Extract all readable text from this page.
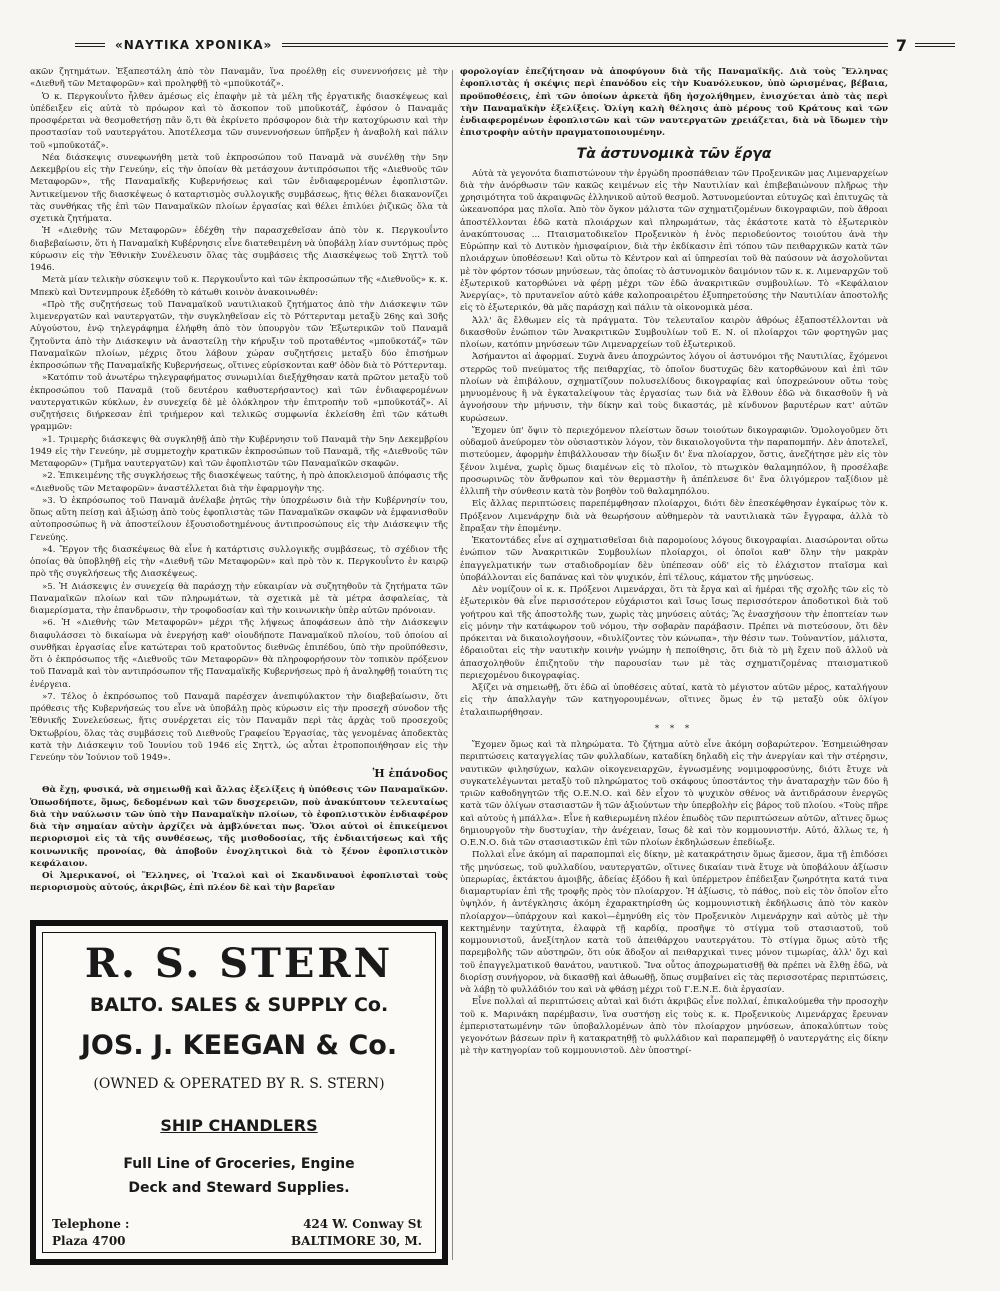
«ΝΑΥΤΙΚΑ ΧΡΟΝΙΚΑ»	7

ακῶν ζητημάτων. Ἐξαπεστάλη ἀπὸ τὸν Παναμᾶν, ἵνα προέλθῃ εἰς συνεννοήσεις μὲ τὴν «Διεθνῆ τῶν Μεταφορῶν» καὶ προληφθῇ τὸ «μποϋκοτάζ».

Ὁ κ. Περγκουΐντο ἦλθεν ἀμέσως εἰς ἐπαφὴν μὲ τὰ μέλη τῆς ἐργατικῆς διασκέψεως καὶ ὑπέδειξεν εἰς αὐτὰ τὸ πρόωρον καὶ τὸ ἄσκοπον τοῦ μποϋκοτάζ, ἐφόσον ὁ Παναμᾶς προσφέρεται νὰ θεσμοθετήσῃ πᾶν ὅ,τι θὰ ἐκρίνετο πρόσφορον διὰ τὴν κατοχύρωσιν καὶ τὴν προστασίαν τοῦ ναυτεργάτου. Ἀποτέλεσμα τῶν συνεννοήσεων ὑπῆρξεν ἡ ἀναβολὴ καὶ πάλιν τοῦ «μποϋκοτάζ».

Νέα διάσκεψις συνεφωνήθη μετὰ τοῦ ἐκπροσώπου τοῦ Παναμᾶ νὰ συνέλθῃ τὴν 5ην Δεκεμβρίου εἰς τὴν Γενεύην, εἰς τὴν ὁποίαν θὰ μετάσχουν ἀντιπρόσωποι τῆς «Διεθνοῦς τῶν Μεταφορῶν», τῆς Παναμαϊκῆς Κυβερνήσεως καὶ τῶν ἐνδιαφερομένων ἐφοπλιστῶν. Ἀντικείμενον τῆς διασκέψεως ὁ καταρτισμὸς συλλογικῆς συμβάσεως, ἥτις θέλει διακανονίζει τὰς συνθήκας τῆς ἐπὶ τῶν Παναμαϊκῶν πλοίων ἐργασίας καὶ θέλει ἐπιλύει ῥιζικῶς ὅλα τὰ σχετικὰ ζητήματα.

Ἡ «Διεθνὴς τῶν Μεταφορῶν» ἐδέχθη τὴν παρασχεθεῖσαν ἀπὸ τὸν κ. Περγκουΐντο διαβεβαίωσιν, ὅτι ἡ Παναμαϊκὴ Κυβέρνησις εἶνε διατεθειμένη νὰ ὑποβάλῃ λίαν συντόμως πρὸς κύρωσιν εἰς τὴν Ἐθνικὴν Συνέλευσιν ὅλας τὰς συμβάσεις τῆς Διασκέψεως τοῦ Σηττλ τοῦ 1946.

Μετὰ μίαν τελικὴν σύσκεψιν τοῦ κ. Περγκουΐντο καὶ τῶν ἐκπροσώπων τῆς «Διεθνοῦς» κ. κ. Μπεκὺ καὶ Ὀντενμπρουκ ἐξεδόθη τὸ κάτωθι κοινὸν ἀνακοινωθέν:

«Πρὸ τῆς συζητήσεως τοῦ Παναμαϊκοῦ ναυτιλιακοῦ ζητήματος ἀπὸ τὴν Διάσκεψιν τῶν λιμενεργατῶν καὶ ναυτεργατῶν, τὴν συγκληθεῖσαν εἰς τὸ Ρόττερνταμ μεταξὺ 26ης καὶ 30ῆς Αὐγούστου, ἐνῷ τηλεγράφημα ἐλήφθη ἀπὸ τὸν ὑπουργὸν τῶν Ἐξωτερικῶν τοῦ Παναμᾶ ζητοῦντα ἀπὸ τὴν Διάσκεψιν νὰ ἀναστείλῃ τὴν κήρυξιν τοῦ προταθέντος «μποϋκοτάζ» τῶν Παναμαϊκῶν πλοίων, μέχρις ὅτου λάβουν χώραν συζητήσεις μεταξὺ δύο ἐπισήμων ἐκπροσώπων τῆς Παναμαϊκῆς Κυβερνήσεως, οἵτινες εὑρίσκονται καθ' ὁδὸν διὰ τὸ Ρόττερνταμ.

»Κατόπιν τοῦ ἀνωτέρω τηλεγραφήματος συνωμιλίαι διεξήχθησαν κατὰ πρῶτον μεταξὺ τοῦ ἐκπροσώπου τοῦ Παναμᾶ (τοῦ δευτέρου καθυστερήσαντος) καὶ τῶν ἐνδιαφερομένων ναυτεργατικῶν κύκλων, ἐν συνεχείᾳ δὲ μὲ ὁλόκληρον τὴν ἐπιτροπὴν τοῦ «μποϋκοτάζ». Αἱ συζητήσεις διήρκεσαν ἐπὶ τριήμερον καὶ τελικῶς συμφωνία ἐκλείσθη ἐπὶ τῶν κάτωθι γραμμῶν:

»1. Τριμερὴς διάσκεψις θὰ συγκληθῇ ἀπὸ τὴν Κυβέρνησιν τοῦ Παναμᾶ τὴν 5ην Δεκεμβρίου 1949 εἰς τὴν Γενεύην, μὲ συμμετοχὴν κρατικῶν ἐκπροσώπων τοῦ Παναμᾶ, τῆς «Διεθνοῦς τῶν Μεταφορῶν» (Τμῆμα ναυτεργατῶν) καὶ τῶν ἐφοπλιστῶν τῶν Παναμαϊκῶν σκαφῶν.

»2. Ἐπικειμένης τῆς συγκλήσεως τῆς διασκέψεως ταύτης, ἡ πρὸ ἀποκλεισμοῦ ἀπόφασις τῆς «Διεθνοῦς τῶν Μεταφορῶν» ἀναστέλλεται διὰ τὴν ἐφαρμογὴν της.

»3. Ὁ ἐκπρόσωπος τοῦ Παναμᾶ ἀνέλαβε ῥητῶς τὴν ὑποχρέωσιν διὰ τὴν Κυβέρνησίν του, ὅπως αὕτη πείσῃ καὶ ἀξιώσῃ ἀπὸ τοὺς ἐφοπλιστὰς τῶν Παναμαϊκῶν σκαφῶν νὰ ἐμφανισθοῦν αὐτοπροσώπως ἢ νὰ ἀποστείλουν ἐξουσιοδοτημένους ἀντιπροσώπους εἰς τὴν Διάσκεψιν τῆς Γενεύης.

»4. Ἔργον τῆς διασκέψεως θὰ εἶνε ἡ κατάρτισις συλλογικῆς συμβάσεως, τὸ σχέδιον τῆς ὁποίας θὰ ὑποβληθῇ εἰς τὴν «Διεθνῆ τῶν Μεταφορῶν» καὶ πρὸ τὸν κ. Περγκουΐντο ἐν καιρῷ πρὸ τῆς συγκλήσεως τῆς Διασκέψεως.

»5. Ἡ Διάσκεψις ἐν συνεχείᾳ θὰ παράσχῃ τὴν εὐκαιρίαν νὰ συζητηθοῦν τὰ ζητήματα τῶν Παναμαϊκῶν πλοίων καὶ τῶν πληρωμάτων, τὰ σχετικὰ μὲ τὰ μέτρα ἀσφαλείας, τὰ διαμερίσματα, τὴν ἐπανδρωσιν, τὴν τροφοδοσίαν καὶ τὴν κοινωνικὴν ὑπὲρ αὐτῶν πρόνοιαν.

»6. Ἡ «Διεθνὴς τῶν Μεταφορῶν» μέχρι τῆς λήψεως ἀποφάσεων ἀπὸ τὴν Διάσκεψιν διαφυλάσσει τὸ δικαίωμα νὰ ἐνεργήσῃ καθ' οἱουδήποτε Παναμαϊκοῦ πλοίου, τοῦ ὁποίου αἱ συνθῆκαι ἐργασίας εἶνε κατώτεραι τοῦ κρατοῦντος διεθνῶς ἐπιπέδου, ὑπὸ τὴν προϋπόθεσιν, ὅτι ὁ ἐκπρόσωπος τῆς «Διεθνοῦς τῶν Μεταφορῶν» θὰ πληροφορήσουν τὸν τοπικὸν πρόξενον τοῦ Παναμᾶ καὶ τὸν αντιπρόσωπον τῆς Παναμαϊκῆς Κυβερνήσεως πρὸ ἡ ἀναληφθῇ τοιαύτη τις ἐνέργεια.

»7. Τέλος ὁ ἐκπρόσωπος τοῦ Παναμᾶ παρέσχεν ἀνεπιφύλακτον τὴν διαβεβαίωσιν, ὅτι πρόθεσις τῆς Κυβερνήσεώς του εἶνε νὰ ὑποβάλῃ πρὸς κύρωσιν εἰς τὴν προσεχῆ σύνοδον τῆς Ἐθνικῆς Συνελεύσεως, ἥτις συνέρχεται εἰς τὸν Παναμᾶν περὶ τὰς ἀρχὰς τοῦ προσεχοῦς Ὀκτωβρίου, ὅλας τὰς συμβάσεις τοῦ Διεθνοῦς Γραφείου Ἐργασίας, τὰς γενομένας ἀποδεκτὰς κατὰ τὴν Διάσκεψιν τοῦ Ἰουνίου τοῦ 1946 εἰς Σηττλ, ὡς αὗται ἐτροποποιήθησαν εἰς τὴν Γενεύην τὸν Ἰούνιον τοῦ 1949».

Ἡ ἐπάνοδος

Θὰ ἔχῃ, φυσικά, νὰ σημειωθῇ καὶ ἄλλας ἐξελίξεις ἡ ὑπόθεσις τῶν Παναμαϊκῶν. Ὁπωσδήποτε, ὅμως, δεδομένων καὶ τῶν δυσχερειῶν, ποὺ ἀνακύπτουν τελευταίως διὰ τὴν ναύλωσιν τῶν ὑπὸ τὴν Παναμαϊκὴν πλοίων, τὸ ἐφοπλιστικὸν ἐνδιαφέρον διὰ τὴν σημαίαν αὐτὴν ἀρχίζει νὰ ἀμβλύνεται πως. Ὅλοι αὐτοὶ οἱ ἐπικείμενοι περιορισμοὶ εἰς τὰ τῆς συνθέσεως, τῆς μισθοδοσίας, τῆς ἐνδιαιτήσεως καὶ τῆς κοινωνικῆς προνοίας, θὰ ἀποβοῦν ἐνοχλητικοὶ διὰ τὸ ξένον ἐφοπλιστικὸν κεφάλαιον.

Οἱ Ἀμερικανοί, οἱ Ἕλληνες, οἱ Ἰταλοὶ καὶ οἱ Σκανδιναυοὶ ἐφοπλισταὶ τοὺς περιορισμοὺς αὐτούς, ἀκριβῶς, ἐπὶ πλέον δὲ καὶ τὴν βαρεῖαν

R. S. STERN
BALTO. SALES & SUPPLY Co.
JOS. J. KEEGAN & Co.
(OWNED & OPERATED BY R. S. STERN)
SHIP CHANDLERS
Full Line of Groceries, Engine
Deck and Steward Supplies.
Telephone :
Plaza 4700
424 W. Conway St
BALTIMORE 30, M.

φορολογίαν ἐπεζήτησαν νὰ ἀποφύγουν διὰ τῆς Παναμαϊκῆς. Διὰ τοὺς Ἕλληνας ἐφοπλιστὰς ἡ σκέψις περὶ ἐπανόδου εἰς τὴν Κυανόλευκον, ὑπὸ ὡρισμένας, βέβαια, προϋποθέσεις, ἐπὶ τῶν ὁποίων ἀρκετὰ ἤδη ἠσχολήθημεν, ἐνισχύεται ἀπὸ τὰς περὶ τὴν Παναμαϊκὴν ἐξελίξεις. Ὀλίγη καλὴ θέλησις ἀπὸ μέρους τοῦ Κράτους καὶ τῶν ἐνδιαφερομένων ἐφοπλιστῶν καὶ τῶν ναυτεργατῶν χρειάζεται, διὰ νὰ ἴδωμεν τὴν ἐπιστροφὴν αὐτὴν πραγματοποιουμένην.

Τὰ ἀστυνομικὰ τῶν ἔργα

Αὐτὰ τὰ γεγονότα διαπιστώνουν τὴν ἐργώδη προσπάθειαν τῶν Προξενικῶν μας Λιμεναρχείων διὰ τὴν ἀνόρθωσιν τῶν κακῶς κειμένων εἰς τὴν Ναυτιλίαν καὶ ἐπιβεβαιώνουν πλῆρως τὴν χρησιμότητα τοῦ ἀκραιφνῶς ἑλληνικοῦ αὐτοῦ θεσμοῦ. Ἀστυνομεύονται εὐτυχῶς καὶ ἐπιτυχῶς τὰ ὠκεανοπόρα μας πλοῖα. Ἀπὸ τὸν ὄγκον μάλιστα τῶν σχηματιζομένων δικογραφιῶν, ποὺ ἄθροαι ἀποστέλλονται ἐδῶ κατὰ πλοιάρχων καὶ πληρωμάτων, τὰς ἑκάστοτε κατὰ τὸ ἐξωτερικὸν ἀνακύπτουσας ... Πταισματοδικεῖον Προξενικὸν ἡ ἑνὸς περιοδεύοντος τοιούτου ἀνὰ τὴν Εὐρώπην καὶ τὸ Δυτικὸν ἡμισφαίριον, διὰ τὴν ἐκδίκασιν ἐπὶ τόπου τῶν πειθαρχικῶν κατὰ τῶν πλοιάρχων ὑποθέσεων! Καὶ οὕτω τὸ Κέντρον καὶ αἱ ὑπηρεσίαι τοῦ θὰ παύσουν νὰ ἀσχολοῦνται μὲ τὸν φόρτον τόσων μηνύσεων, τὰς ὁποίας τὸ ἀστυνομικὸν δαιμόνιον τῶν κ. κ. Λιμεναρχῶν τοῦ ἐξωτερικοῦ κατορθώνει νὰ φέρῃ μέχρι τῶν ἐδῶ ἀνακριτικῶν συμβουλίων. Τὸ «Κεφάλαιον Ἀνεργίας», τὸ πρυτανεῖον αὐτὸ κάθε καλοπροαιρέτου ἐξυπηρετούσης τὴν Ναυτιλίαν ἀποστολῆς εἰς τὸ ἐξωτερικόν, θὰ μᾶς παράσχῃ καὶ πάλιν τὰ οἰκονομικὰ μέσα.

Ἀλλ' ἂς ἔλθωμεν εἰς τὰ πράγματα. Τὸν τελευταῖον καιρὸν ἀθρόως ἐξαποστέλλονται νὰ δικασθοῦν ἐνώπιον τῶν Ἀνακριτικῶν Συμβουλίων τοῦ Ε. Ν. οἱ πλοίαρχοι τῶν φορτηγῶν μας πλοίων, κατόπιν μηνύσεων τῶν Λιμεναρχείων τοῦ ἐξωτερικοῦ.

Ἀσήμαντοι αἱ ἀφορμαί. Συχνὰ ἄνευ ἀποχρώντος λόγου οἱ ἀστυνόμοι τῆς Ναυτιλίας, ἔχόμενοι στερρῶς τοῦ πνεύματος τῆς πειθαρχίας, τὸ ὁποῖον δυστυχῶς δὲν κατορθώνουν καὶ ἐπὶ τῶν πλοίων νὰ ἐπιβάλουν, σχηματίζουν πολυσελίδους δικογραφίας καὶ ὑποχρεώνουν οὕτω τοὺς μηνυομένους ἢ νὰ ἐγκαταλείψουν τὰς ἐργασίας των διὰ νὰ ἔλθουν ἐδῶ νὰ δικασθοῦν ἢ νὰ ἀγνοήσουν τὴν μήνυσιν, τὴν δίκην καὶ τοὺς δικαστάς, μὲ κίνδυνον βαρυτέρων κατ' αὐτῶν κυρώσεων.

Ἔχομεν ὑπ' ὄψιν τὸ περιεχόμενον πλείστων ὅσων τοιούτων δικογραφιῶν. Ὁμολογοῦμεν ὅτι οὐδαμοῦ ἀνεύρομεν τὸν οὐσιαστικὸν λόγον, τὸν δικαιολογοῦντα τὴν παραπομπήν. Δὲν ἀποτελεῖ, πιστεύομεν, ἀφορμὴν ἐπιβάλλουσαν τὴν δίωξιν δι' ἕνα πλοίαρχον, ὅστις, ἀνεζήτησε μὲν εἰς τὸν ξένον λιμένα, χωρὶς ὅμως διαμένων εἰς τὸ πλοῖον, τὸ πτωχικὸν θαλαμηπόλον, ἢ προσέλαβε προσωρινῶς τὸν ἄνθρωπον καὶ τὸν θερμαστὴν ἢ ἀπέπλευσε δι' ἕνα ὀλιγόμερον ταξίδιον μὲ ἐλλιπῆ τὴν σύνθεσιν κατὰ τὸν βοηθὸν τοῦ θαλαμηπόλου.

Εἰς ἄλλας περιπτώσεις παρεπέμφθησαν πλοίαρχοι, διότι δὲν ἐπεσκέφθησαν ἐγκαίρως τὸν κ. Πρόξενον Λιμενάρχην διὰ νὰ θεωρήσουν αὐθημερὸν τὰ ναυτιλιακὰ τῶν ἔγγραφα, ἀλλὰ τὸ ἔπραξαν τὴν ἐπομένην.

Ἑκατοντάδες εἶνε αἱ σχηματισθεῖσαι διὰ παρομοίους λόγους δικογραφίαι. Διασώρονται οὕτω ἐνώπιον τῶν Ἀνακριτικῶν Συμβουλίων πλοίαρχοι, οἱ ὁποῖοι καθ' ὅλην τὴν μακρὰν ἐπαγγελματικήν των σταδιοδρομίαν δὲν ὑπέπεσαν οὐδ' εἰς τὸ ἐλάχιστον πταῖσμα καὶ ὑποβάλλονται εἰς δαπάνας καὶ τὸν ψυχικόν, ἐπὶ τέλους, κάματον τῆς μηνύσεως.

Δὲν νομίζουν οἱ κ. κ. Πρόξενοι Λιμενάρχαι, ὅτι τὰ ἔργα καὶ αἱ ἡμέραι τῆς σχολῆς τῶν εἰς τὸ ἐξωτερικὸν θὰ εἶνε περισσότερον εὐχάριστοι καὶ ἴσως ἴσως περισσότερον ἀποδοτικοὶ διὰ τοῦ γοήτρου καὶ τῆς ἀποστολῆς των, χωρὶς τὰς μηνύσεις αὐτάς; Ἂς ἐνασχήσουν τὴν ἐποπτείαν των εἰς μόνην τὴν κατάφωρον τοῦ νόμου, τὴν σοβαρὰν παράβασιν. Πρέπει νὰ πιστεύσουν, ὅτι δὲν πρόκειται νὰ δικαιολογήσουν, «διυλίζοντες τὸν κώνωπα», τὴν θέσιν των. Τοὐναντίον, μάλιστα, ἐδραιοῦται εἰς τὴν ναυτικὴν κοινὴν γνώμην ἡ πεποίθησις, ὅτι διὰ τὸ μὴ ἔχειν ποῦ ἀλλοῦ νὰ ἀπασχοληθοῦν ἐπιζητοῦν τὴν παρουσίαν των μὲ τὰς σχηματιζομένας πταισματικοῦ περιεχομένου δικογραφίας.

Ἀξίζει νὰ σημειωθῇ, ὅτι ἐδῶ αἱ ὑποθέσεις αὐταί, κατὰ τὸ μέγιστον αὐτῶν μέρος, καταλήγουν εἰς τὴν ἀπαλλαγὴν τῶν κατηγορουμένων, οἵτινες ὅμως ἐν τῷ μεταξὺ οὐκ ὀλίγον ἐταλαιπωρήθησαν.

* * *

Ἔχομεν ὅμως καὶ τὰ πληρώματα. Τὸ ζήτημα αὐτὸ εἶνε ἀκόμη σοβαρώτερον. Ἐσημειώθησαν περιπτώσεις καταγγελίας τῶν φυλλαδίων, καταδίκη δηλαδὴ εἰς τὴν ἀνεργίαν καὶ τὴν στέρησιν, ναυτικῶν φιλησύχων, καλῶν οἰκογενειαρχῶν, ἐγνωσμένης νομιμοφροσύνης, διότι ἔτυχε νὰ συγκατελέγωνται μεταξὺ τοῦ πληρώματος τοῦ σκάφους ὑποστάντος τὴν ἀναταραχὴν τῶν δύο ἢ τριῶν καθοδηγητῶν τῆς Ο.Ε.Ν.Ο. καὶ δὲν εἶχον τὸ ψυχικὸν σθένος νὰ ἀντιδράσουν ἐνεργῶς κατὰ τῶν ὀλίγων στασιαστῶν ἢ τῶν ἀξιούντων τὴν ὑπερβολὴν εἰς βάρος τοῦ πλοίου. «Τοὺς πῆρε καὶ αὐτοὺς ἡ μπάλλα». Εἶνε ἡ καθιερωμένη πλέον ἐπωδὸς τῶν περιπτώσεων αὐτῶν, αἵτινες ὅμως δημιουργοῦν τὴν δυστυχίαν, τὴν ἀνέχειαν, ἴσως δὲ καὶ τὸν κομμουνιστήν. Αὐτό, ἄλλως τε, ἡ Ο.Ε.Ν.Ο. διὰ τῶν στασιαστικῶν ἐπὶ τῶν πλοίων ἐκδηλώσεων ἐπεδίωξε.

Πολλαὶ εἶνε ἀκόμη αἱ παραπομπαὶ εἰς δίκην, μὲ κατακράτησιν ὅμως ἄμεσον, ἅμα τῇ ἐπιδόσει τῆς μηνύσεως, τοῦ φυλλαδίου, ναυτεργατῶν, οἵτινες δικαίαν τινὰ ἔτυχε νὰ ὑποβάλουν ἀξίωσιν ὑπερωρίας, ἐκτάκτου ἀμοιβῆς, ἀδείας ἐξόδου ἢ καὶ ὑπέρμετρον ἐπέδειξαν ζωηρότητα κατά τινα διαμαρτυρίαν ἐπὶ τῆς τροφῆς πρὸς τὸν πλοίαρχον. Ἡ ἀξίωσις, τὸ πάθος, ποὺ εἰς τὸν ὁποῖον εἶτο ὑψηλόν, ἡ ἀντέγκλησις ἀκόμη ἐχαρακτηρίσθη ὡς κομμουνιστικὴ ἐκδήλωσις ἀπὸ τὸν κακὸν πλοίαρχον—ὑπάρχουν καὶ κακοὶ—ἐμηνύθη εἰς τὸν Προξενικὸν Λιμενάρχην καὶ αὐτὸς μὲ τὴν κεκτημένην ταχύτητα, ἐλαφρὰ τῇ καρδίᾳ, προσῆψε τὸ στίγμα τοῦ στασιαστοῦ, τοῦ κομμουνιστοῦ, ἀνεξίτηλον κατὰ τοῦ ἀπειθάρχου ναυτεργάτου. Τὸ στίγμα ὅμως αὐτὸ τῆς παρεμβολῆς τῶν αὐστηρῶν, ὅτι οὐκ ἄδοξον αἱ πειθαρχικαὶ τινες μόνον τιμωρίας, ἀλλ' ὄχι καὶ τοῦ ἐπαγγελματικοῦ θανάτου, ναυτικοῦ. Ἵνα οὗτος ἀποχρωματισθῇ θὰ πρέπει νὰ ἔλθῃ ἐδῶ, νὰ διορίσῃ συνήγορον, νὰ δικασθῇ καὶ ἀθωωθῇ, ὅπως συμβαίνει εἰς τὰς περισσοτέρας περιπτώσεις, νὰ λάβῃ τὸ φυλλάδιόν του καὶ νὰ φθάσῃ μέχρι τοῦ Γ.Ε.Ν.Ε. διὰ ἐργασίαν.

Εἶνε πολλαὶ αἱ περιπτώσεις αὐταὶ καὶ διότι ἀκριβῶς εἶνε πολλαί, ἐπικαλούμεθα τὴν προσοχὴν τοῦ κ. Μαρινάκη παρέμβασιν, ἵνα συστήσῃ εἰς τοὺς κ. κ. Προξενικοὺς Λιμενάρχας ἔρευναν ἐμπεριστατωμένην τῶν ὑποβαλλομένων ἀπὸ τὸν πλοίαρχον μηνύσεων, ἀποκαλύπτων τοὺς γεγονότων βάσεων πρὶν ἢ κατακρατηθῇ τὸ φυλλάδιον καὶ παραπεμφθῇ ὁ ναυτεργάτης εἰς δίκην μὲ τὴν κατηγορίαν τοῦ κομμουνιστοῦ. Δὲν ὑποστηρί-
